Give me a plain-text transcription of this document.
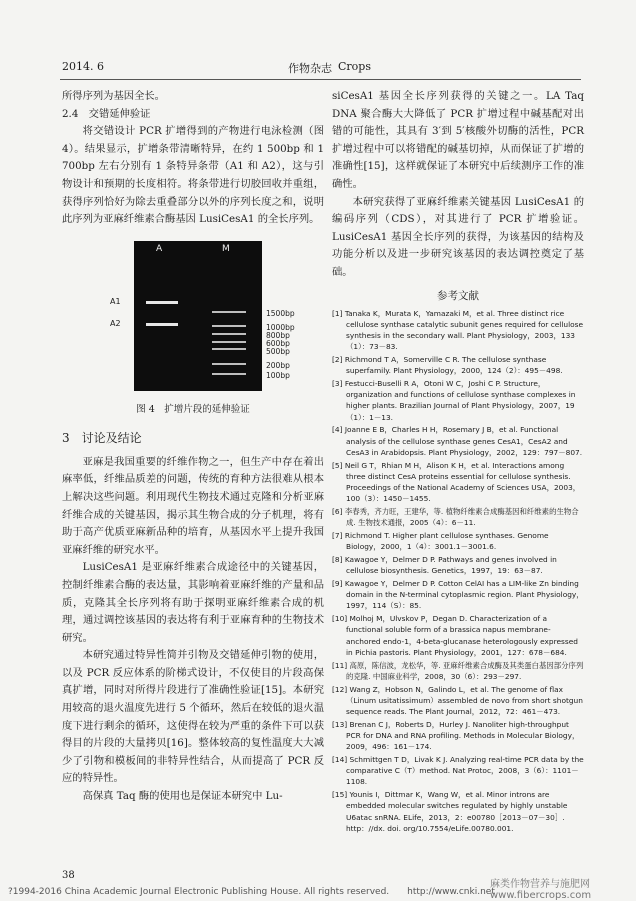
2014. 6	作物杂志 Crops

所得序列为基因全长。

2.4　交错延伸验证

将交错设计 PCR 扩增得到的产物进行电泳检测（图 4）。结果显示，扩增条带清晰特异，在约 1 500bp 和 1 700bp 左右分别有 1 条特异条带（A1 和 A2），这与引物设计和预期的长度相符。将条带进行切胶回收并重组，获得序列恰好为除去重叠部分以外的序列长度之和，说明此序列为亚麻纤维素合酶基因 LusiCesA1 的全长序列。

A1
A2
A	M
1500bp
1000bp
800bp
600bp
500bp
200bp
100bp

图 4　扩增片段的延伸验证

3　讨论及结论

亚麻是我国重要的纤维作物之一，但生产中存在着出麻率低，纤维品质差的问题，传统的育种方法很难从根本上解决这些问题。利用现代生物技术通过克隆和分析亚麻纤维合成的关键基因，揭示其生物合成的分子机理，将有助于高产优质亚麻新品种的培育，从基因水平上提升我国亚麻纤维的研究水平。

LusiCesA1 是亚麻纤维素合成途径中的关键基因，控制纤维素合酶的表达量，其影响着亚麻纤维的产量和品质，克隆其全长序列将有助于探明亚麻纤维素合成的机理，通过调控该基因的表达将有利于亚麻育种的生物技术研究。

本研究通过特异性简并引物及交错延伸引物的使用，以及 PCR 反应体系的阶梯式设计，不仅使目的片段高保真扩增，同时对所得片段进行了准确性验证[15]。本研究用较高的退火温度先进行 5 个循环，然后在较低的退火温度下进行剩余的循环，这使得在较为严重的条件下可以获得目的片段的大量拷贝[16]。整体较高的复性温度大大减少了引物和模板间的非特异性结合，从而提高了 PCR 反应的特异性。

高保真 Taq 酶的使用也是保证本研究中 Lu-

siCesA1 基因全长序列获得的关键之一。LA Taq DNA 聚合酶大大降低了 PCR 扩增过程中碱基配对出错的可能性，其具有 3′到 5′核酸外切酶的活性，PCR 扩增过程中可以将错配的碱基切掉，从而保证了扩增的准确性[15]，这样就保证了本研究中后续测序工作的准确性。

本研究获得了亚麻纤维素关键基因 LusiCesA1 的编码序列（CDS），对其进行了 PCR 扩增验证。LusiCesA1 基因全长序列的获得，为该基因的结构及功能分析以及进一步研究该基因的表达调控奠定了基础。

参考文献

[1] Tanaka K，Murata K，Yamazaki M，et al. Three distinct rice cellulose synthase catalytic subunit genes required for cellulose synthesis in the secondary wall. Plant Physiology，2003，133（1）：73－83.
[2] Richmond T A，Somerville C R. The cellulose synthase superfamily. Plant Physiology，2000，124（2）：495－498.
[3] Festucci-Buselli R A，Otoni W C，Joshi C P. Structure，organization and functions of cellulose synthase complexes in higher plants. Brazilian Journal of Plant Physiology，2007，19（1）：1－13.
[4] Joanne E B，Charles H H，Rosemary J B，et al. Functional analysis of the cellulose synthase genes CesA1，CesA2 and CesA3 in Arabidopsis. Plant Physiology，2002，129：797－807.
[5] Neil G T，Rhian M H，Alison K H，et al. Interactions among three distinct CesA proteins essential for cellulose synthesis. Proceedings of the National Academy of Sciences USA，2003，100（3）：1450－1455.
[6] 李春秀，齐力旺，王建华，等. 植物纤维素合成酶基因和纤维素的生物合成. 生物技术通报，2005（4）：6－11.
[7] Richmond T. Higher plant cellulose synthases. Genome Biology，2000，1（4）：3001.1－3001.6.
[8] Kawagoe Y，Delmer D P. Pathways and genes involved in cellulose biosynthesis. Genetics，1997，19：63－87.
[9] Kawagoe Y，Delmer D P. Cotton CelAI has a LIM-like Zn binding domain in the N-terminal cytoplasmic region. Plant Physiology，1997，114（S）：85.
[10] Molhoj M，Ulvskov P，Degan D. Characterization of a functional soluble form of a brassica napus membrane-anchored endo-1，4-beta-glucanase heterologously expressed in Pichia pastoris. Plant Physiology，2001，127：678－684.
[11] 高原，陈信波，龙松华，等. 亚麻纤维素合成酶及其类蛋白基因部分序列的克隆. 中国麻业科学，2008，30（6）：293－297.
[12] Wang Z，Hobson N，Galindo L，et al. The genome of flax（Linum usitatissimum）assembled de novo from short shotgun sequence reads. The Plant Journal，2012，72：461－473.
[13] Brenan C J，Roberts D，Hurley J. Nanoliter high-throughput PCR for DNA and RNA profiling. Methods in Molecular Biology，2009，496：161－174.
[14] Schmittgen T D，Livak K J. Analyzing real-time PCR data by the comparative C（T）method. Nat Protoc，2008，3（6）：1101－1108.
[15] Younis I，Dittmar K，Wang W，et al. Minor introns are embedded molecular switches regulated by highly unstable U6atac snRNA. ELife，2013，2：e00780［2013－07－30］. http：//dx. doi. org/10.7554/eLife.00780.001.
38
?1994-2016 China Academic Journal Electronic Publishing House. All rights reserved.　　http://www.cnki.net
麻类作物营养与施肥网 www.fibercrops.com
